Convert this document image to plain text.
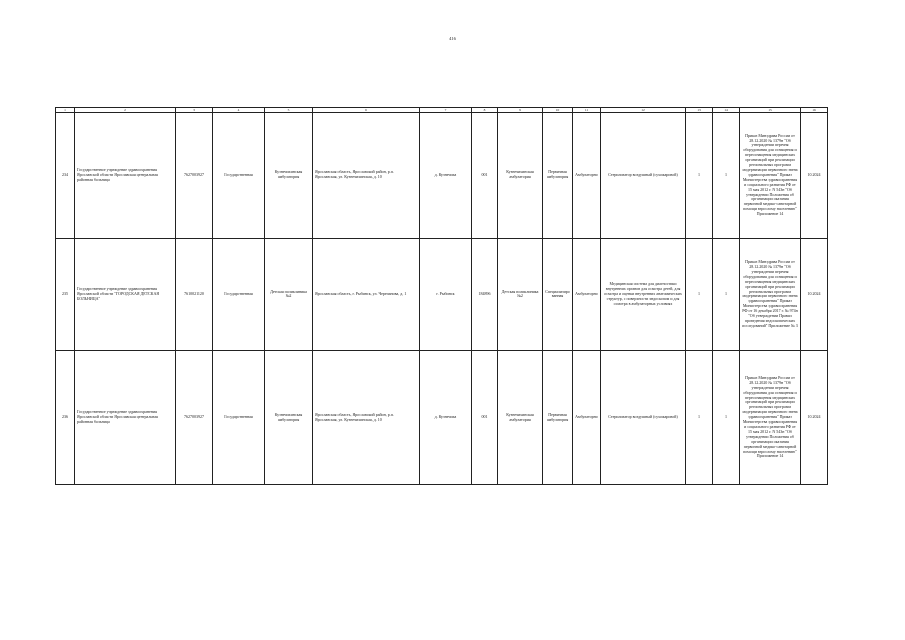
416
1	2	3	4	5	6	7	8	9	10	11	12	13	14	15	16
234	Государственное учреждение здравоохранения Ярославской области Ярославская центральная районная больница	7627003927	Государственная	Кузнечихинская амбулатория	Ярославская область, Ярославский район, р.п. Ярославская, ул. Кузнечихинская, д. 10	д. Кузнечиха	001	Кузнечихинская амбулатория	Первичная амбулатория	Амбулаторно	Стерилизатор воздушный (сухожаровой)	1	1	Приказ Минздрава России от 28.12.2020 № 1379н "Об утверждении перечня оборудования для оснащения и переоснащения медицинских организаций при реализации региональных программ модернизации первичного звена здравоохранения" Приказ Министерства здравоохранения и социального развития РФ от 15 мая 2012 г. N 543н "Об утверждении Положения об организации оказания первичной медико-санитарной помощи взрослому населению" Приложение 14	10.2024
235	Государственное учреждение здравоохранения Ярославской области "ГОРОДСКАЯ ДЕТСКАЯ БОЛЬНИЦА"	7610021120	Государственная	Детская поликлиника №2	Ярославская область, г. Рыбинск, ул. Черепанова, д. 1	г. Рыбинск	184896	Детская поликлиника №2	Специализированная	Амбулаторно	Медицинская система для диагностики внутренних органов для осмотра детей, для осмотра и оценки внутренних анатомических структур, с поверхности эндоскопом и для осмотра в амбулаторных условиях	1	1	Приказ Минздрава России от 28.12.2020 № 1379н "Об утверждении перечня оборудования для оснащения и переоснащения медицинских организаций при реализации региональных программ модернизации первичного звена здравоохранения" Приказ Министерства здравоохранения РФ от 16 декабря 2017 г. № 974н "Об утверждении Правил проведения эндоскопических исследований" Приложение № 3	10.2024
236	Государственное учреждение здравоохранения Ярославской области Ярославская центральная районная больница	7627003927	Государственная	Кузнечихинская амбулатория	Ярославская область, Ярославский район, р.п. Ярославская, ул. Кузнечихинская, д. 10	д. Кузнечиха	001	Кузнечихинская амбулатория	Первичная амбулатория	Амбулаторно	Стерилизатор воздушный (сухожаровой)	1	1	Приказ Минздрава России от 28.12.2020 № 1379н "Об утверждении перечня оборудования для оснащения и переоснащения медицинских организаций при реализации региональных программ модернизации первичного звена здравоохранения" Приказ Министерства здравоохранения и социального развития РФ от 15 мая 2012 г. N 543н "Об утверждении Положения об организации оказания первичной медико-санитарной помощи взрослому населению" Приложение 14	10.2024
